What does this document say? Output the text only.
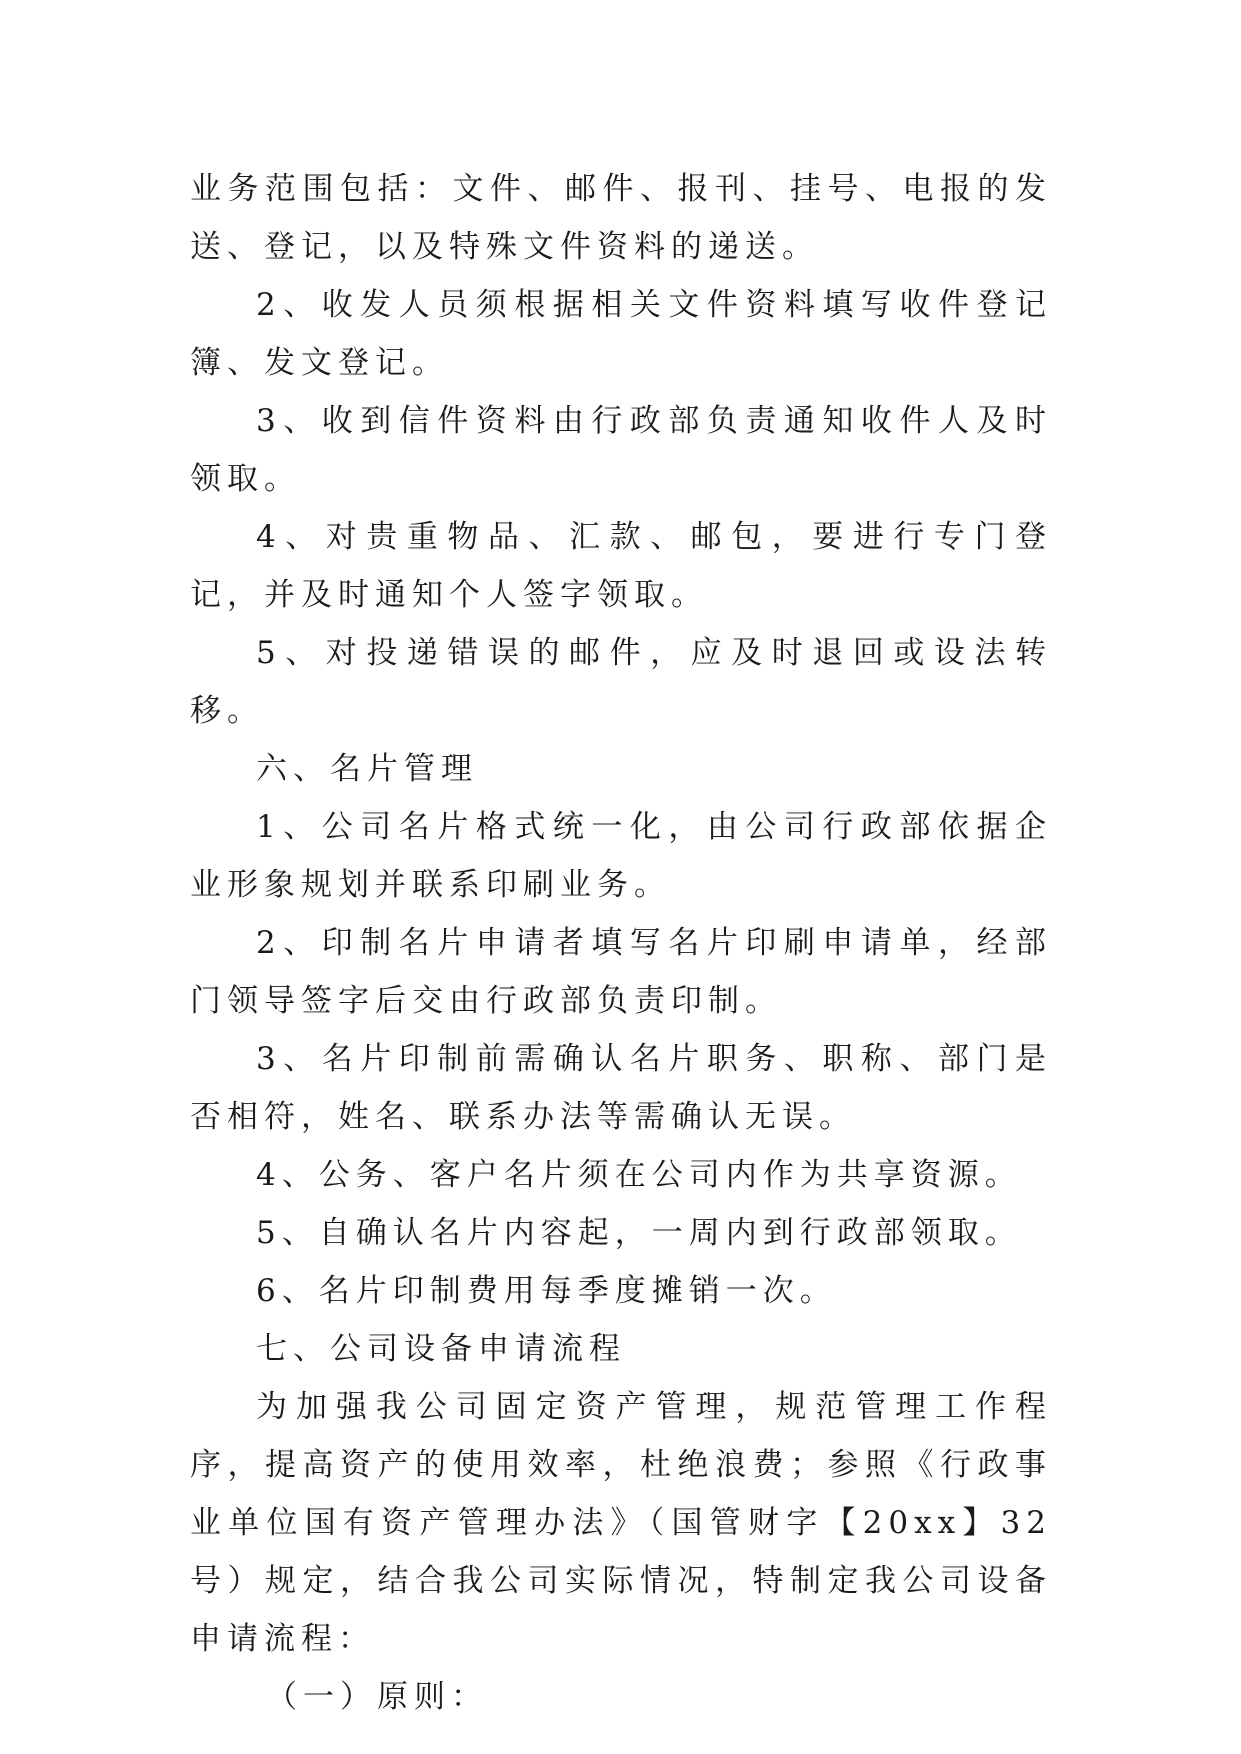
业务范围包括：文件、邮件、报刊、挂号、电报的发送、登记，以及特殊文件资料的递送。

2、收发人员须根据相关文件资料填写收件登记簿、发文登记。

3、收到信件资料由行政部负责通知收件人及时领取。

4、对贵重物品、汇款、邮包，要进行专门登记，并及时通知个人签字领取。

5、对投递错误的邮件，应及时退回或设法转移。

六、名片管理

1、公司名片格式统一化，由公司行政部依据企业形象规划并联系印刷业务。

2、印制名片申请者填写名片印刷申请单，经部门领导签字后交由行政部负责印制。

3、名片印制前需确认名片职务、职称、部门是否相符，姓名、联系办法等需确认无误。

4、公务、客户名片须在公司内作为共享资源。

5、自确认名片内容起，一周内到行政部领取。

6、名片印制费用每季度摊销一次。

七、公司设备申请流程

为加强我公司固定资产管理，规范管理工作程序，提高资产的使用效率，杜绝浪费；参照《行政事业单位国有资产管理办法》（国管财字【20xx】32号）规定，结合我公司实际情况，特制定我公司设备申请流程：

（一）原则：
